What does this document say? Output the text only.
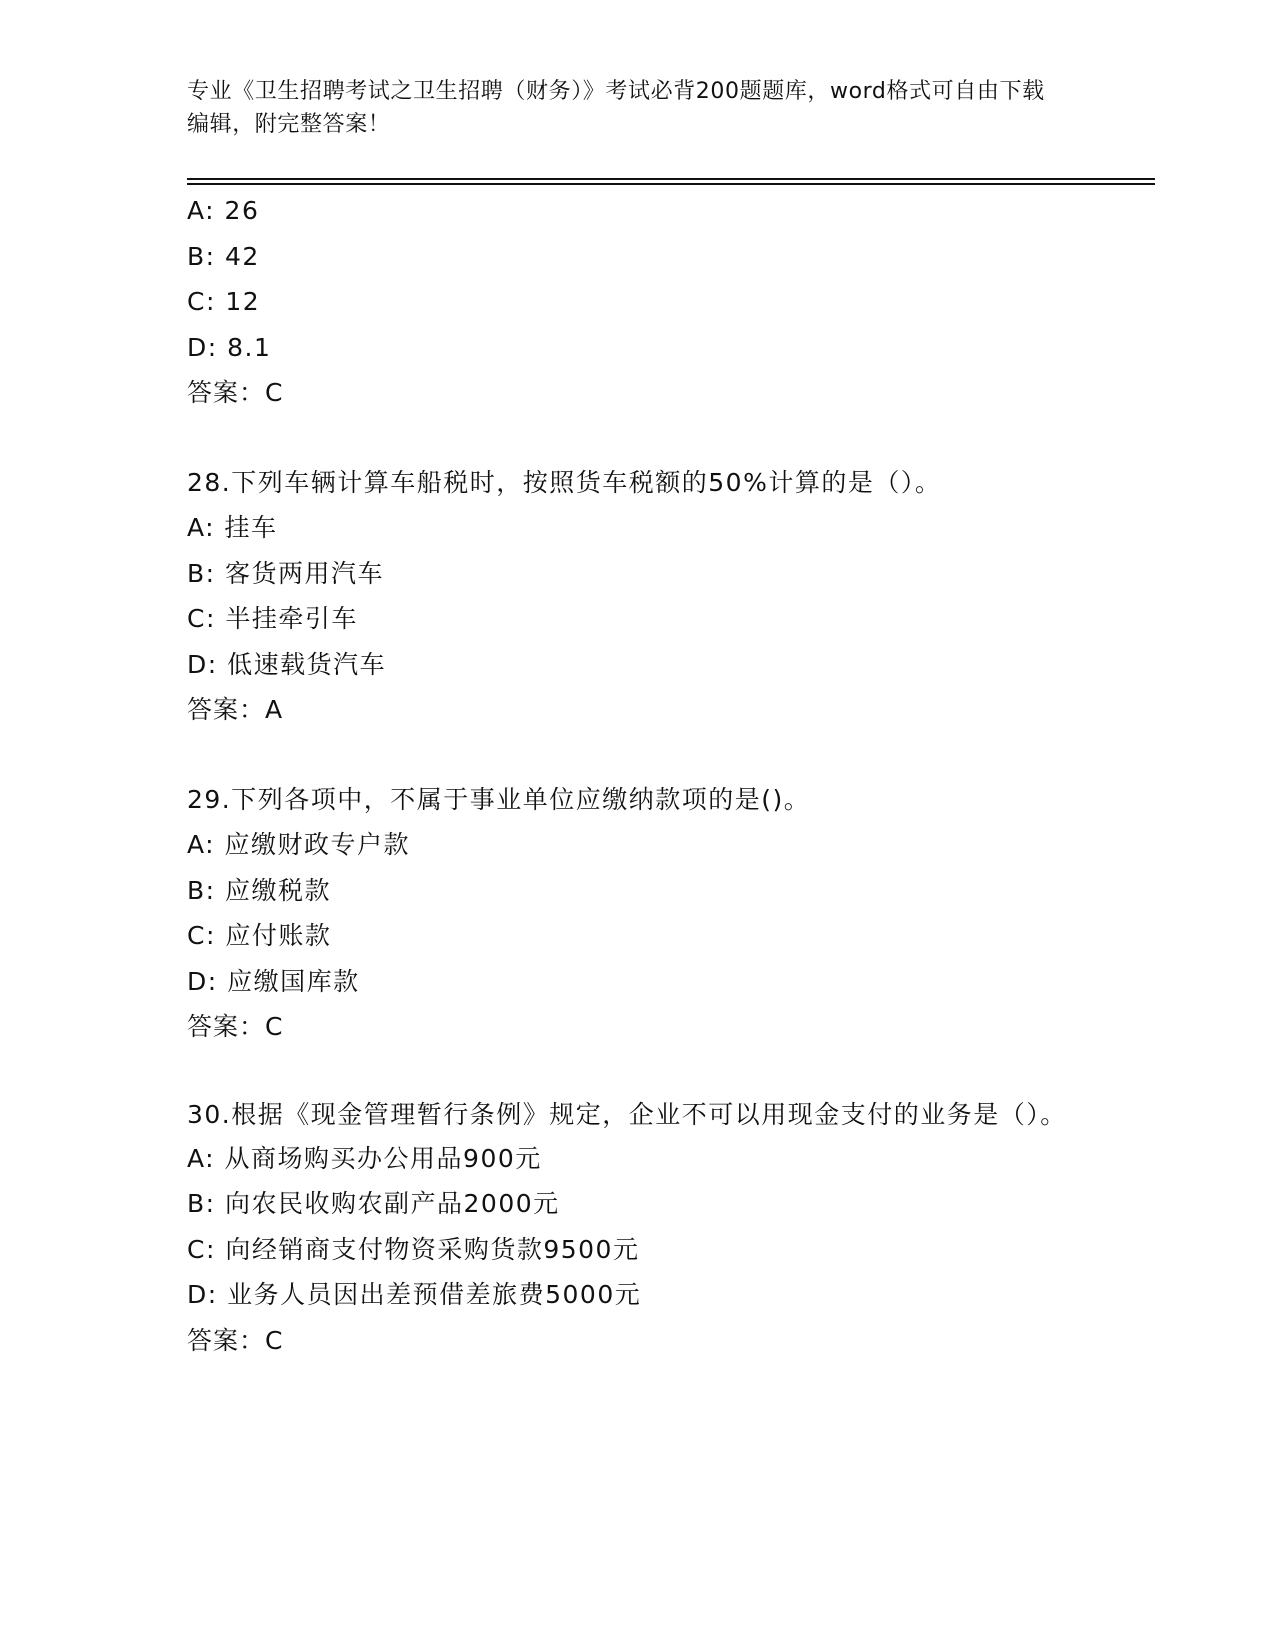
专业《卫生招聘考试之卫生招聘（财务）》考试必背200题题库，word格式可自由下载编辑，附完整答案！
A: 26
B: 42
C: 12
D: 8.1
答案：C
28.下列车辆计算车船税时，按照货车税额的50%计算的是（）。
A: 挂车
B: 客货两用汽车
C: 半挂牵引车
D: 低速载货汽车
答案：A
29.下列各项中，不属于事业单位应缴纳款项的是()。
A: 应缴财政专户款
B: 应缴税款
C: 应付账款
D: 应缴国库款
答案：C
30.根据《现金管理暂行条例》规定，企业不可以用现金支付的业务是（）。
A: 从商场购买办公用品900元
B: 向农民收购农副产品2000元
C: 向经销商支付物资采购货款9500元
D: 业务人员因出差预借差旅费5000元
答案：C
